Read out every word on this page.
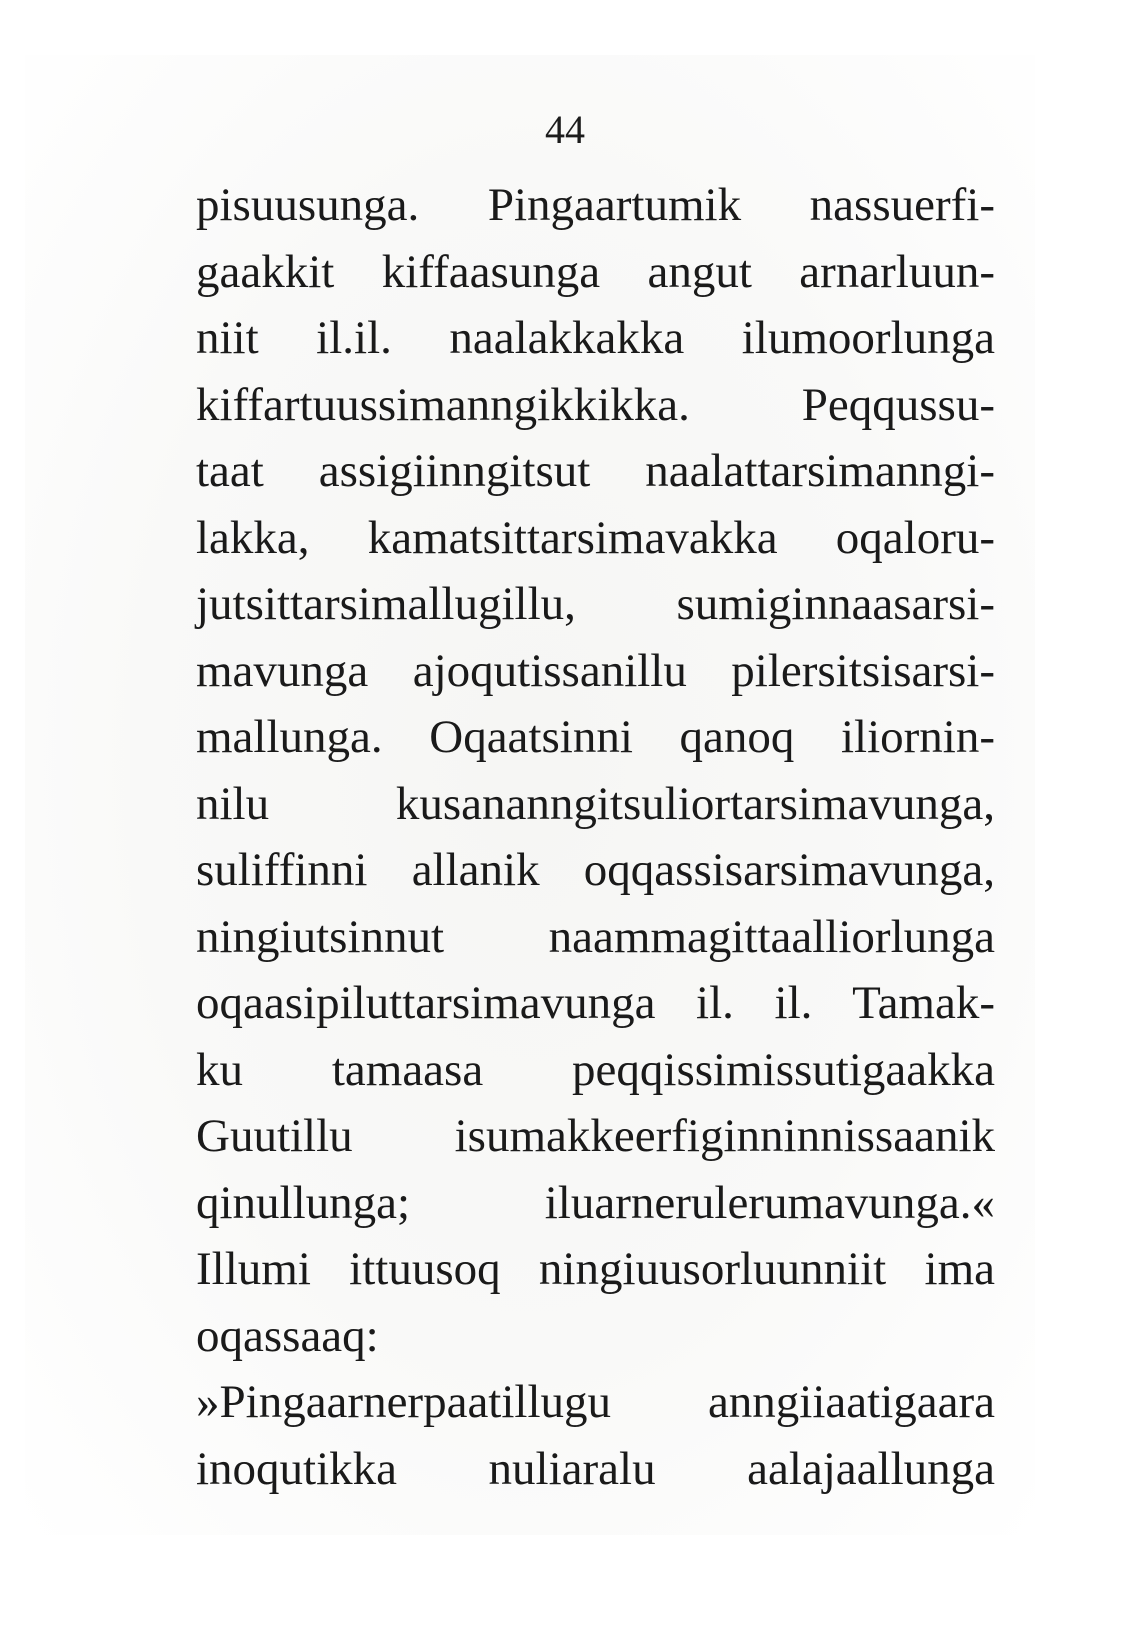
44
pisuusunga. Pingaartumik nassuerfi-
gaakkit kiffaasunga angut arnarluun-
niit il.il. naalakkakka ilumoorlunga
kiffartuussimanngikkikka. Peqqussu-
taat assigiinngitsut naalattarsimanngi-
lakka, kamatsittarsimavakka oqaloru-
jutsittarsimallugillu, sumiginnaasarsi-
mavunga ajoqutissanillu pilersitsisarsi-
mallunga. Oqaatsinni qanoq iliornin-
nilu kusananngitsuliortarsimavunga,
suliffinni allanik oqqassisarsimavunga,
ningiutsinnut naammagittaalliorlunga
oqaasipiluttarsimavunga il. il. Tamak-
ku tamaasa peqqissimissutigaakka
Guutillu isumakkeerfiginninnissaanik
qinullunga; iluarnerulerumavunga.«
Illumi ittuusoq ningiuusorluunniit ima
oqassaaq:
»Pingaarnerpaatillugu anngiiaatigaara
inoqutikka nuliaralu aalajaallunga
